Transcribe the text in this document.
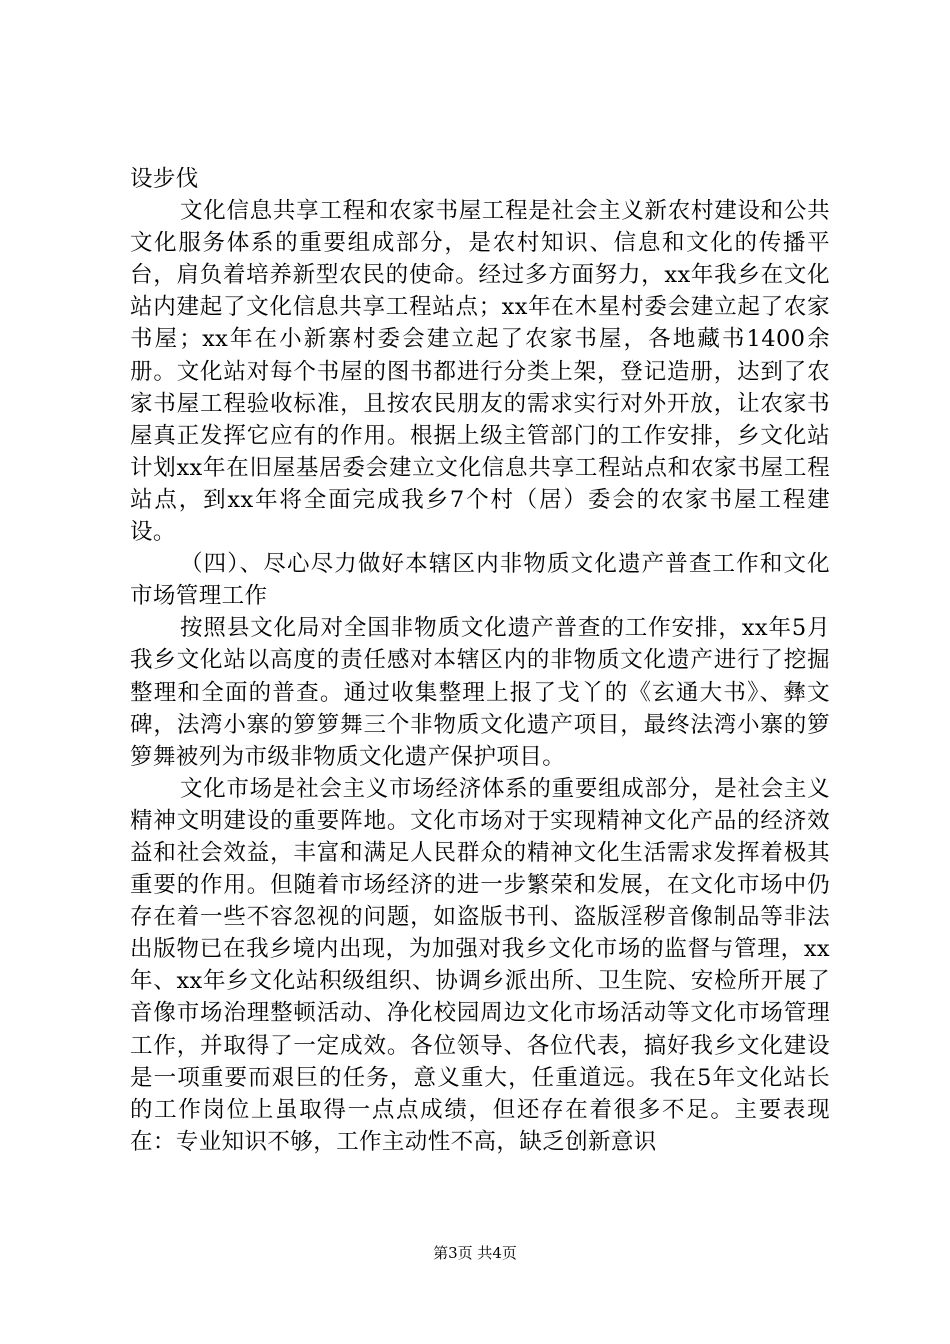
设步伐

文化信息共享工程和农家书屋工程是社会主义新农村建设和公共文化服务体系的重要组成部分，是农村知识、信息和文化的传播平台，肩负着培养新型农民的使命。经过多方面努力，xx年我乡在文化站内建起了文化信息共享工程站点；xx年在木星村委会建立起了农家书屋；xx年在小新寨村委会建立起了农家书屋，各地藏书1400余册。文化站对每个书屋的图书都进行分类上架，登记造册，达到了农家书屋工程验收标准，且按农民朋友的需求实行对外开放，让农家书屋真正发挥它应有的作用。根据上级主管部门的工作安排，乡文化站计划xx年在旧屋基居委会建立文化信息共享工程站点和农家书屋工程站点，到xx年将全面完成我乡7个村（居）委会的农家书屋工程建设。

（四）、尽心尽力做好本辖区内非物质文化遗产普查工作和文化市场管理工作

按照县文化局对全国非物质文化遗产普查的工作安排，xx年5月我乡文化站以高度的责任感对本辖区内的非物质文化遗产进行了挖掘整理和全面的普查。通过收集整理上报了戈丫的《玄通大书》、彝文碑，法湾小寨的箩箩舞三个非物质文化遗产项目，最终法湾小寨的箩箩舞被列为市级非物质文化遗产保护项目。

文化市场是社会主义市场经济体系的重要组成部分，是社会主义精神文明建设的重要阵地。文化市场对于实现精神文化产品的经济效益和社会效益，丰富和满足人民群众的精神文化生活需求发挥着极其重要的作用。但随着市场经济的进一步繁荣和发展，在文化市场中仍存在着一些不容忽视的问题，如盗版书刊、盗版淫秽音像制品等非法出版物已在我乡境内出现，为加强对我乡文化市场的监督与管理，xx年、xx年乡文化站积级组织、协调乡派出所、卫生院、安检所开展了音像市场治理整顿活动、净化校园周边文化市场活动等文化市场管理工作，并取得了一定成效。各位领导、各位代表，搞好我乡文化建设是一项重要而艰巨的任务，意义重大，任重道远。我在5年文化站长的工作岗位上虽取得一点点成绩，但还存在着很多不足。主要表现在：专业知识不够，工作主动性不高，缺乏创新意识

第3页 共4页
